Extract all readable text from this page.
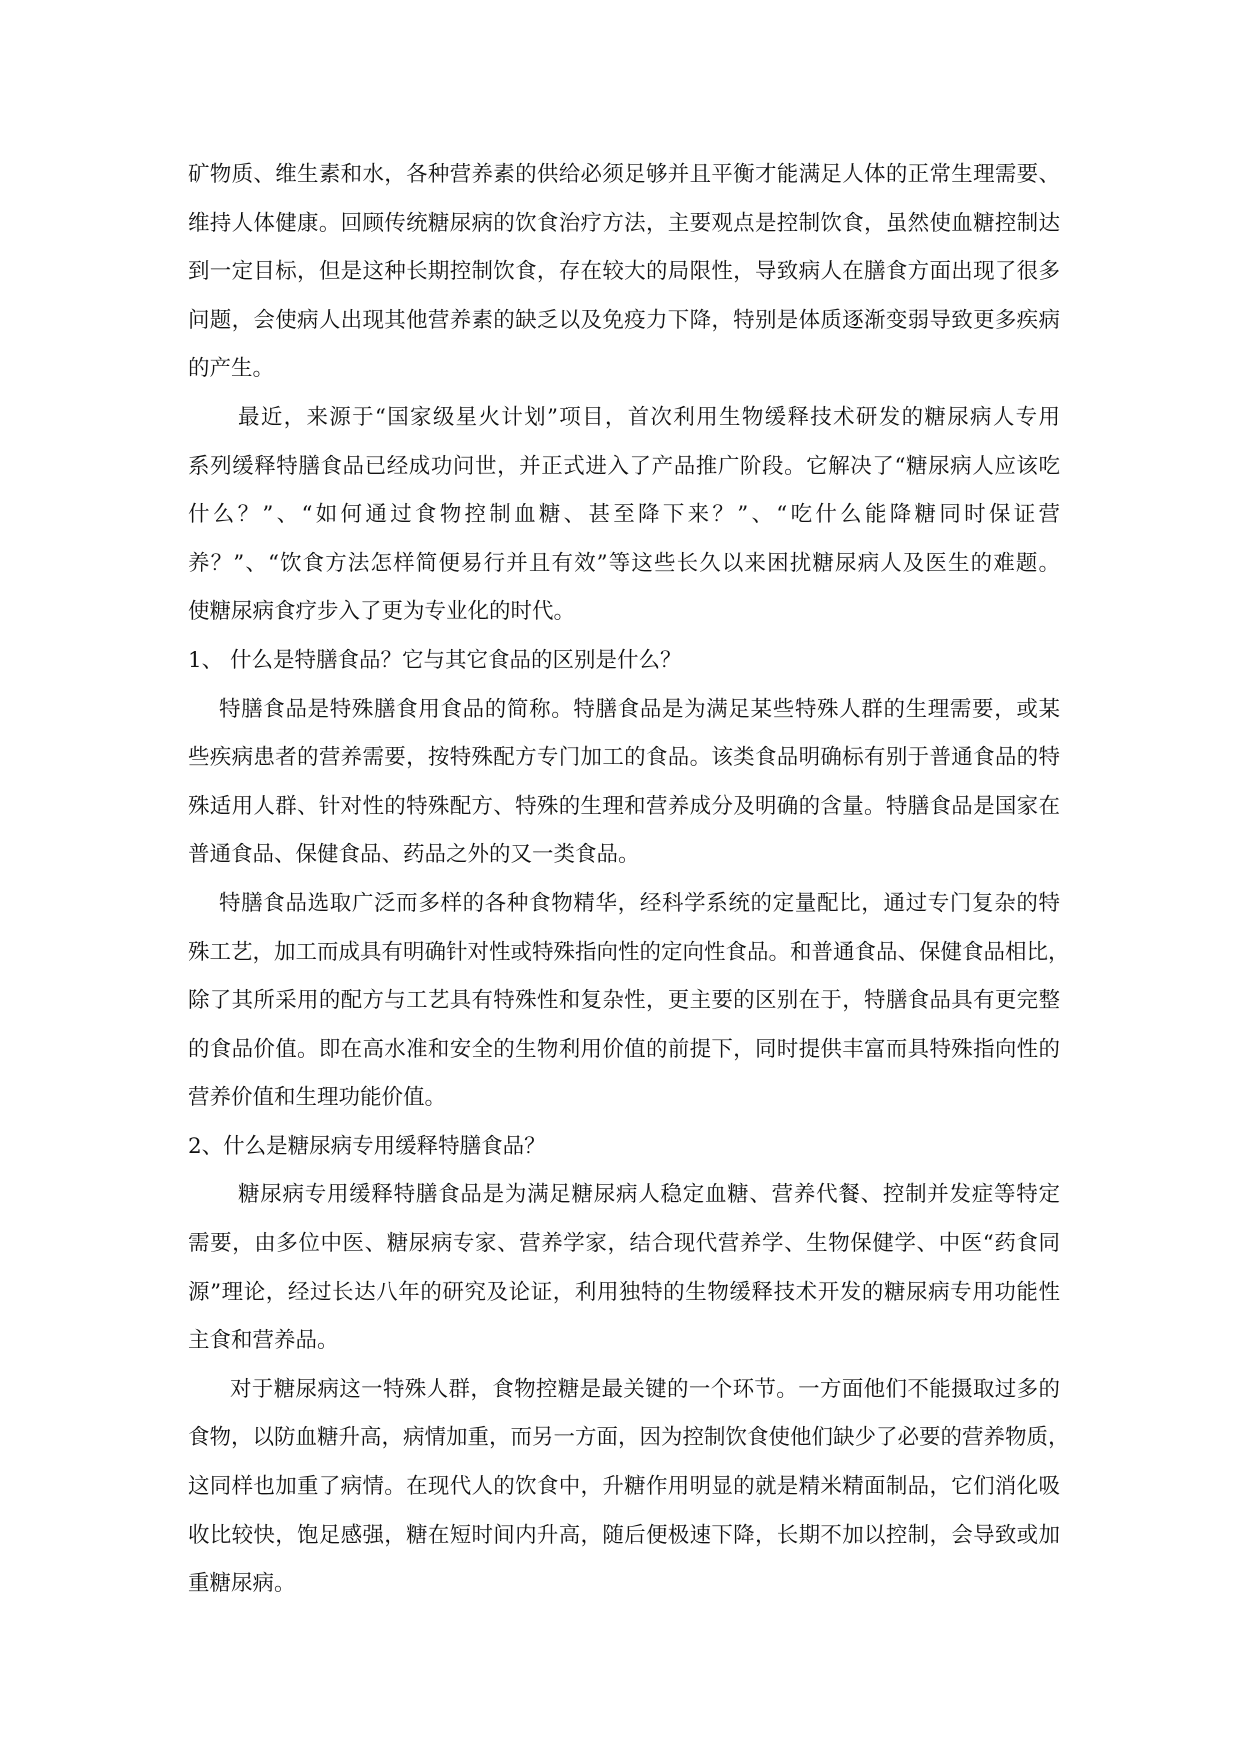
矿物质、维生素和水，各种营养素的供给必须足够并且平衡才能满足人体的正常生理需要、
维持人体健康。回顾传统糖尿病的饮食治疗方法，主要观点是控制饮食，虽然使血糖控制达
到一定目标，但是这种长期控制饮食，存在较大的局限性，导致病人在膳食方面出现了很多
问题，会使病人出现其他营养素的缺乏以及免疫力下降，特别是体质逐渐变弱导致更多疾病
的产生。
最近，来源于“国家级星火计划”项目，首次利用生物缓释技术研发的糖尿病人专用
系列缓释特膳食品已经成功问世，并正式进入了产品推广阶段。它解决了“糖尿病人应该吃
什么？”、“如何通过食物控制血糖、甚至降下来？”、“吃什么能降糖同时保证营
养？”、“饮食方法怎样简便易行并且有效”等这些长久以来困扰糖尿病人及医生的难题。
使糖尿病食疗步入了更为专业化的时代。
1、 什么是特膳食品？它与其它食品的区别是什么？
特膳食品是特殊膳食用食品的简称。特膳食品是为满足某些特殊人群的生理需要，或某
些疾病患者的营养需要，按特殊配方专门加工的食品。该类食品明确标有别于普通食品的特
殊适用人群、针对性的特殊配方、特殊的生理和营养成分及明确的含量。特膳食品是国家在
普通食品、保健食品、药品之外的又一类食品。
特膳食品选取广泛而多样的各种食物精华，经科学系统的定量配比，通过专门复杂的特
殊工艺，加工而成具有明确针对性或特殊指向性的定向性食品。和普通食品、保健食品相比，
除了其所采用的配方与工艺具有特殊性和复杂性，更主要的区别在于，特膳食品具有更完整
的食品价值。即在高水准和安全的生物利用价值的前提下，同时提供丰富而具特殊指向性的
营养价值和生理功能价值。
2、什么是糖尿病专用缓释特膳食品？
糖尿病专用缓释特膳食品是为满足糖尿病人稳定血糖、营养代餐、控制并发症等特定
需要，由多位中医、糖尿病专家、营养学家，结合现代营养学、生物保健学、中医“药食同
源”理论，经过长达八年的研究及论证，利用独特的生物缓释技术开发的糖尿病专用功能性
主食和营养品。
对于糖尿病这一特殊人群，食物控糖是最关键的一个环节。一方面他们不能摄取过多的
食物，以防血糖升高，病情加重，而另一方面，因为控制饮食使他们缺少了必要的营养物质，
这同样也加重了病情。在现代人的饮食中，升糖作用明显的就是精米精面制品，它们消化吸
收比较快，饱足感强，糖在短时间内升高，随后便极速下降，长期不加以控制，会导致或加
重糖尿病。
